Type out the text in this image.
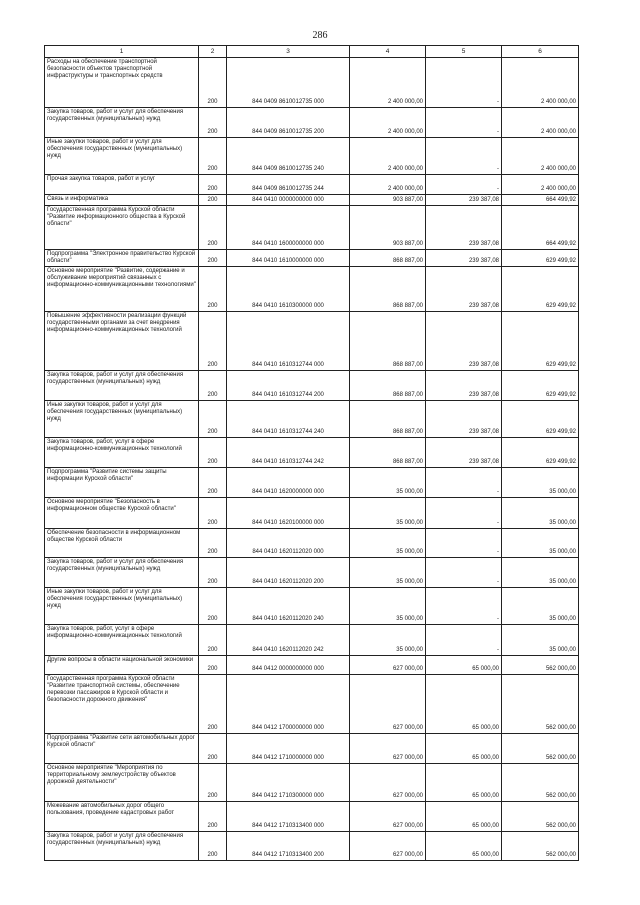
286
1	2	3	4	5	6
Расходы на обеспечение транспортной безопасности объектов транспортной инфраструктуры и транспортных средств	200	844 0409 8610012735 000	2 400 000,00	-	2 400 000,00
Закупка товаров, работ и услуг для обеспечения государственных (муниципальных) нужд	200	844 0409 8610012735 200	2 400 000,00	-	2 400 000,00
Иные закупки товаров, работ и услуг для обеспечения государственных (муниципальных) нужд	200	844 0409 8610012735 240	2 400 000,00	-	2 400 000,00
Прочая закупка товаров, работ и услуг	200	844 0409 8610012735 244	2 400 000,00	-	2 400 000,00
Связь и информатика	200	844 0410 0000000000 000	903 887,00	239 387,08	664 499,92
Государственная программа Курской области "Развитие информационного общества в Курской области"	200	844 0410 1600000000 000	903 887,00	239 387,08	664 499,92
Подпрограмма "Электронное правительство Курской области"	200	844 0410 1610000000 000	868 887,00	239 387,08	629 499,92
Основное мероприятие "Развитие, содержание и обслуживание мероприятий связанных с информационно-коммуникационными технологиями"	200	844 0410 1610300000 000	868 887,00	239 387,08	629 499,92
Повышение эффективности реализации функций государственными органами за счет внедрения информационно-коммуникационных технологий	200	844 0410 1610312744 000	868 887,00	239 387,08	629 499,92
Закупка товаров, работ и услуг для обеспечения государственных (муниципальных) нужд	200	844 0410 1610312744 200	868 887,00	239 387,08	629 499,92
Иные закупки товаров, работ и услуг для обеспечения государственных (муниципальных) нужд	200	844 0410 1610312744 240	868 887,00	239 387,08	629 499,92
Закупка товаров, работ, услуг в сфере информационно-коммуникационных технологий	200	844 0410 1610312744 242	868 887,00	239 387,08	629 499,92
Подпрограмма "Развитие системы защиты информации Курской области"	200	844 0410 1620000000 000	35 000,00	-	35 000,00
Основное мероприятие "Безопасность в информационном обществе Курской области"	200	844 0410 1620100000 000	35 000,00	-	35 000,00
Обеспечение безопасности в информационном обществе Курской области	200	844 0410 1620112020 000	35 000,00	-	35 000,00
Закупка товаров, работ и услуг для обеспечения государственных (муниципальных) нужд	200	844 0410 1620112020 200	35 000,00	-	35 000,00
Иные закупки товаров, работ и услуг для обеспечения государственных (муниципальных) нужд	200	844 0410 1620112020 240	35 000,00	-	35 000,00
Закупка товаров, работ, услуг в сфере информационно-коммуникационных технологий	200	844 0410 1620112020 242	35 000,00	-	35 000,00
Другие вопросы в области национальной экономики	200	844 0412 0000000000 000	627 000,00	65 000,00	562 000,00
Государственная программа Курской области "Развитие транспортной системы, обеспечение перевозки пассажиров в Курской области и безопасности дорожного движения"	200	844 0412 1700000000 000	627 000,00	65 000,00	562 000,00
Подпрограмма "Развитие сети автомобильных дорог Курской области"	200	844 0412 1710000000 000	627 000,00	65 000,00	562 000,00
Основное мероприятие "Мероприятия по территориальному землеустройству объектов дорожной деятельности"	200	844 0412 1710300000 000	627 000,00	65 000,00	562 000,00
Межевание автомобильных дорог общего пользования, проведение кадастровых работ	200	844 0412 1710313400 000	627 000,00	65 000,00	562 000,00
Закупка товаров, работ и услуг для обеспечения государственных (муниципальных) нужд	200	844 0412 1710313400 200	627 000,00	65 000,00	562 000,00
